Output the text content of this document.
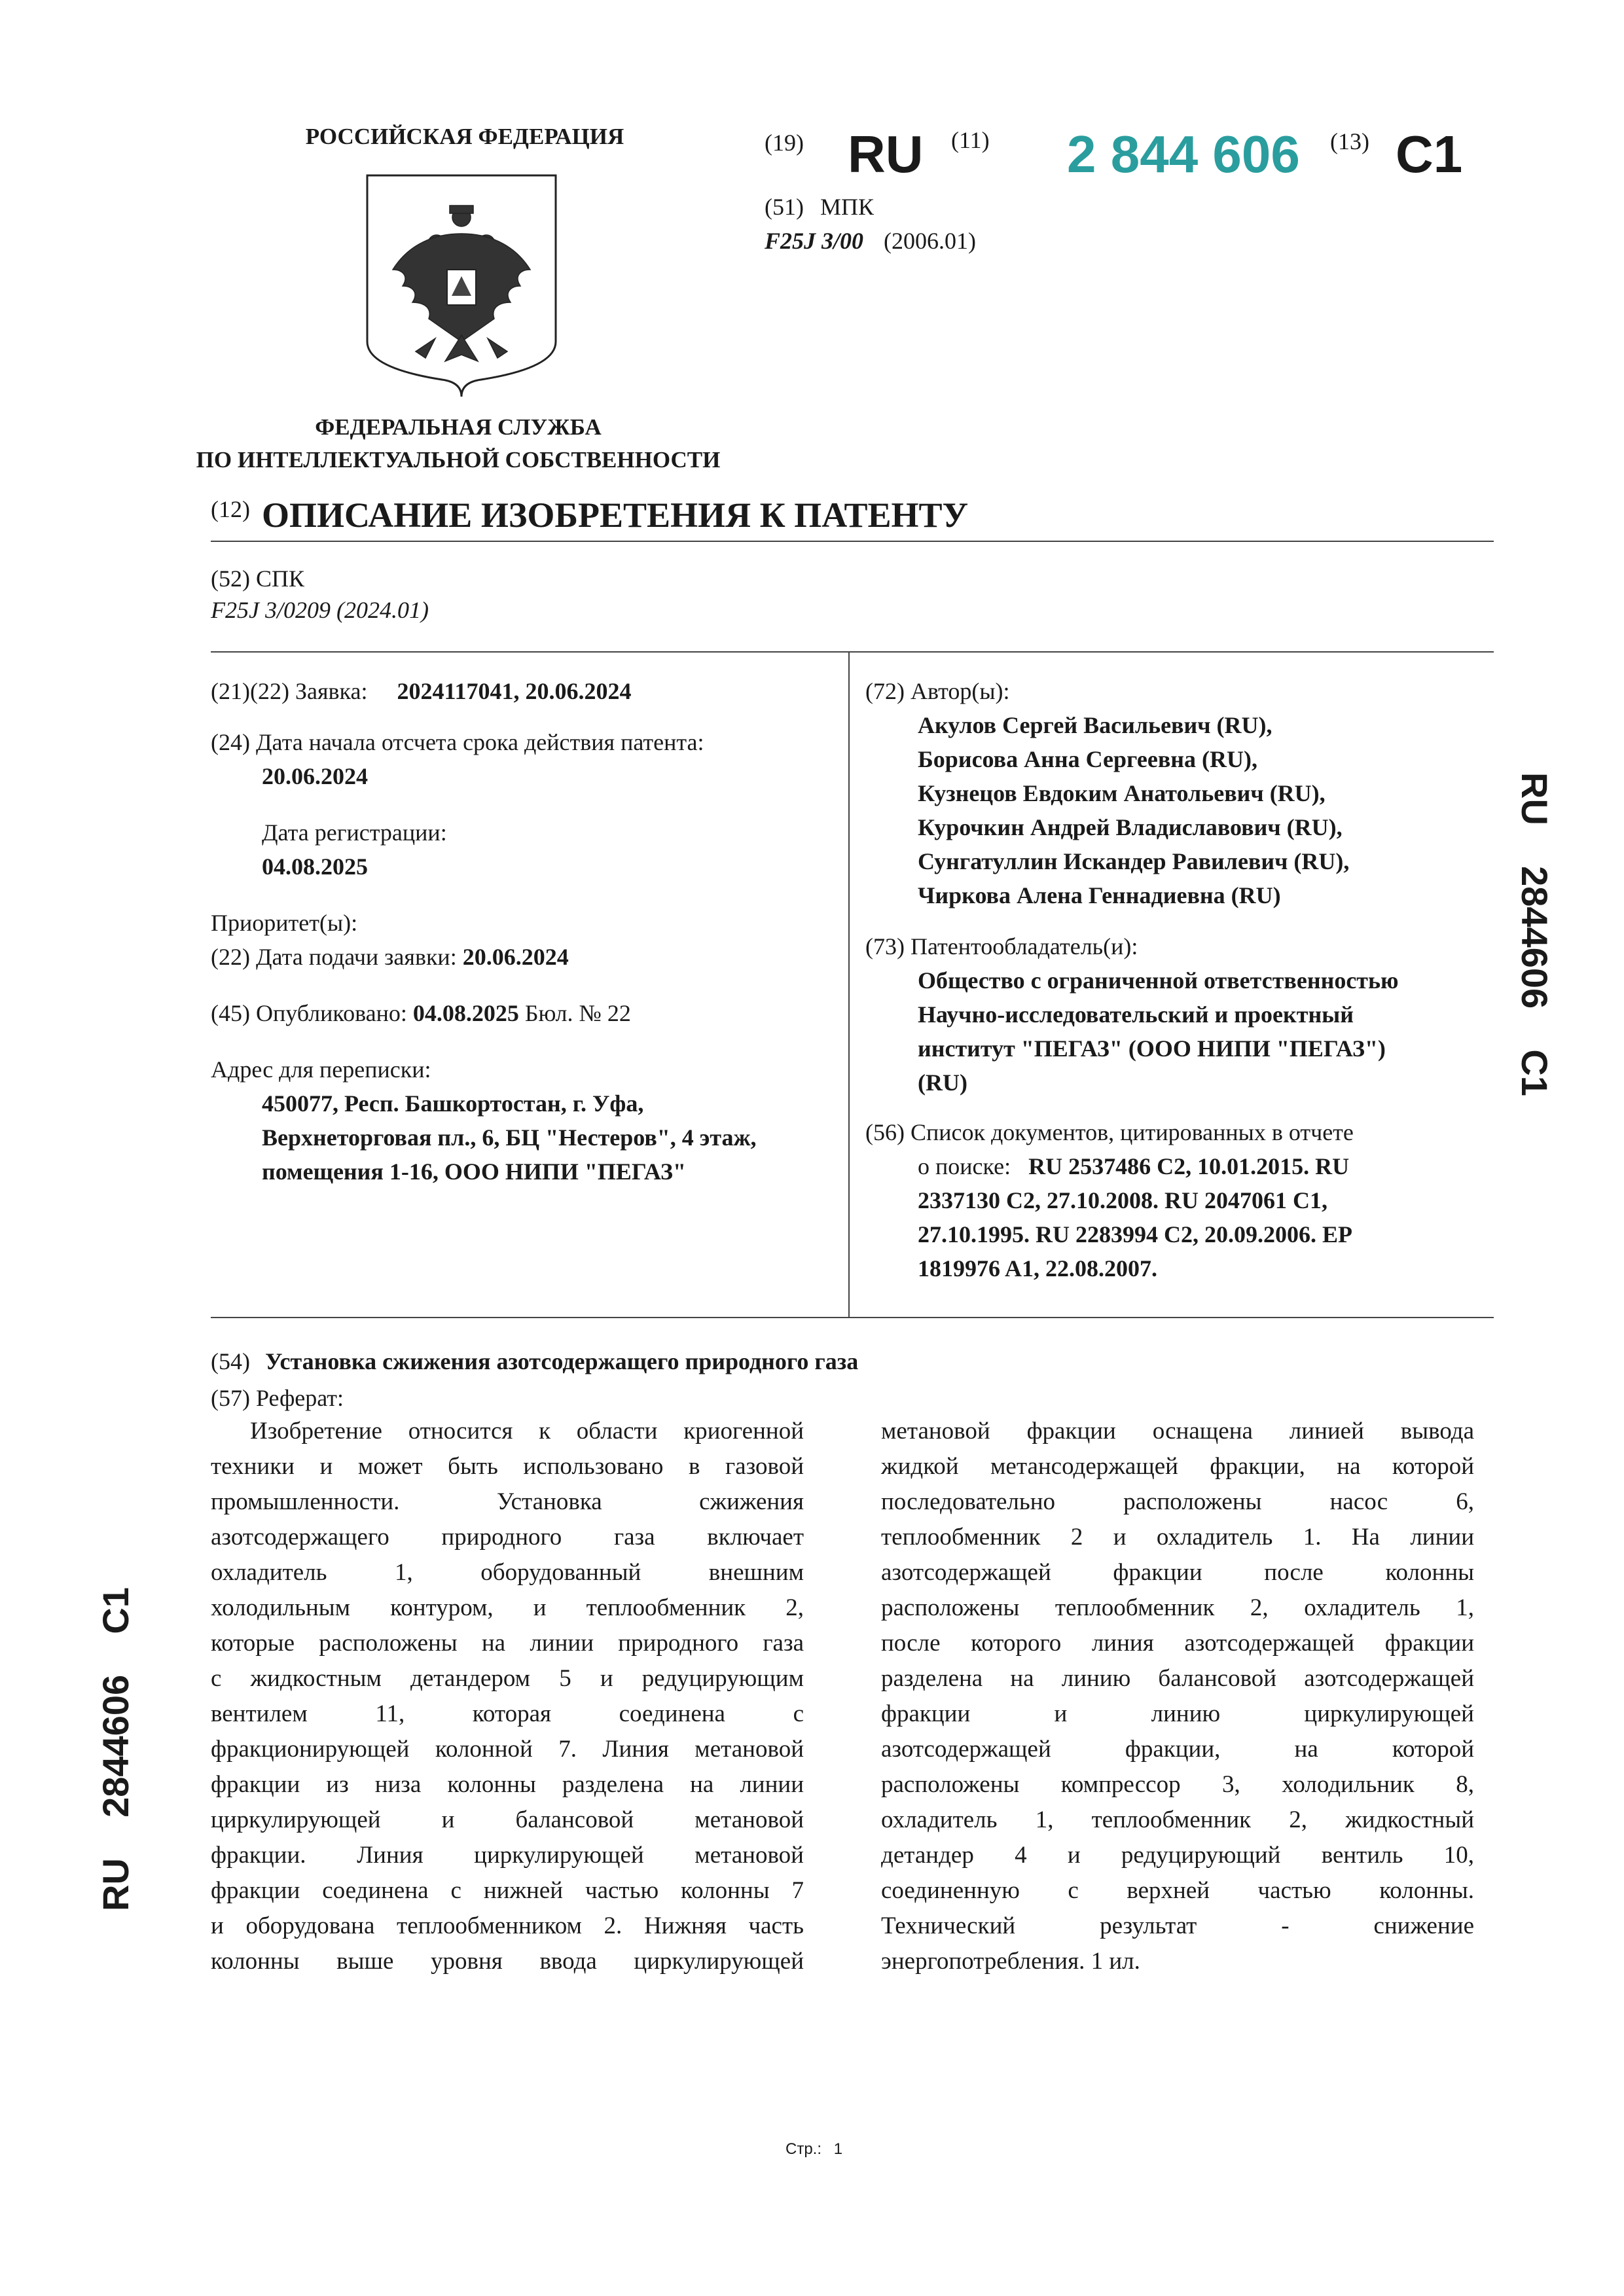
РОССИЙСКАЯ ФЕДЕРАЦИЯ
ФЕДЕРАЛЬНАЯ СЛУЖБА
ПО ИНТЕЛЛЕКТУАЛЬНОЙ СОБСТВЕННОСТИ
(19) RU (11) 2 844 606 (13) C1
(51) МПК
F25J 3/00 (2006.01)
(12) ОПИСАНИЕ ИЗОБРЕТЕНИЯ К ПАТЕНТУ
(52) СПК
F25J 3/0209 (2024.01)
(21)(22) Заявка: 2024117041, 20.06.2024
(24) Дата начала отсчета срока действия патента:
20.06.2024
Дата регистрации:
04.08.2025
Приоритет(ы):
(22) Дата подачи заявки: 20.06.2024
(45) Опубликовано: 04.08.2025 Бюл. № 22
Адрес для переписки:
450077, Респ. Башкортостан, г. Уфа,
Верхнеторговая пл., 6, БЦ "Нестеров", 4 этаж,
помещения 1-16, ООО НИПИ "ПЕГАЗ"
(72) Автор(ы):
Акулов Сергей Васильевич (RU),
Борисова Анна Сергеевна (RU),
Кузнецов Евдоким Анатольевич (RU),
Курочкин Андрей Владиславович (RU),
Сунгатуллин Искандер Равилевич (RU),
Чиркова Алена Геннадиевна (RU)
(73) Патентообладатель(и):
Общество с ограниченной ответственностью
Научно-исследовательский и проектный
институт "ПЕГАЗ" (ООО НИПИ "ПЕГАЗ")
(RU)
(56) Список документов, цитированных в отчете
о поиске: RU 2537486 C2, 10.01.2015. RU
2337130 C2, 27.10.2008. RU 2047061 C1,
27.10.1995. RU 2283994 C2, 20.09.2006. EP
1819976 A1, 22.08.2007.
(54) Установка сжижения азотсодержащего природного газа
(57) Реферат:
Изобретение относится к области криогенной
техники и может быть использовано в газовой
промышленности. Установка сжижения
азотсодержащего природного газа включает
охладитель 1, оборудованный внешним
холодильным контуром, и теплообменник 2,
которые расположены на линии природного газа
с жидкостным детандером 5 и редуцирующим
вентилем 11, которая соединена с
фракционирующей колонной 7. Линия метановой
фракции из низа колонны разделена на линии
циркулирующей и балансовой метановой
фракции. Линия циркулирующей метановой
фракции соединена с нижней частью колонны 7
и оборудована теплообменником 2. Нижняя часть
колонны выше уровня ввода циркулирующей
метановой фракции оснащена линией вывода
жидкой метансодержащей фракции, на которой
последовательно расположены насос 6,
теплообменник 2 и охладитель 1. На линии
азотсодержащей фракции после колонны
расположены теплообменник 2, охладитель 1,
после которого линия азотсодержащей фракции
разделена на линию балансовой азотсодержащей
фракции и линию циркулирующей
азотсодержащей фракции, на которой
расположены компрессор 3, холодильник 8,
охладитель 1, теплообменник 2, жидкостный
детандер 4 и редуцирующий вентиль 10,
соединенную с верхней частью колонны.
Технический результат - снижение
энергопотребления. 1 ил.
RU    2844606    C1
RU    2844606    C1
Стр.: 1
